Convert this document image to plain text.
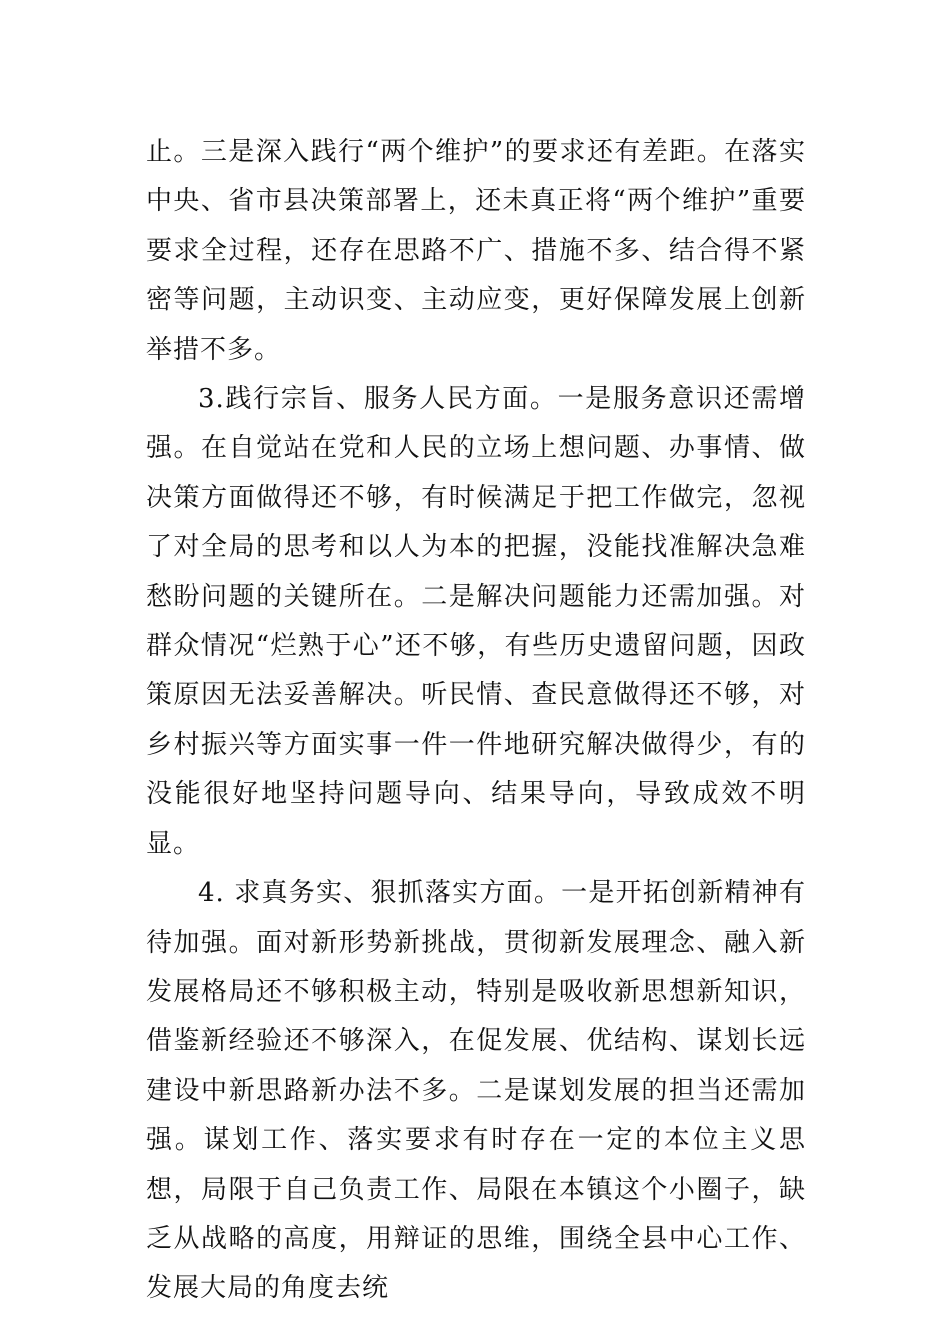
止。三是深入践行“两个维护”的要求还有差距。在落实中央、省市县决策部署上，还未真正将“两个维护”重要要求全过程，还存在思路不广、措施不多、结合得不紧密等问题，主动识变、主动应变，更好保障发展上创新举措不多。

3.践行宗旨、服务人民方面。一是服务意识还需增强。在自觉站在党和人民的立场上想问题、办事情、做决策方面做得还不够，有时候满足于把工作做完，忽视了对全局的思考和以人为本的把握，没能找准解决急难愁盼问题的关键所在。二是解决问题能力还需加强。对群众情况“烂熟于心”还不够，有些历史遗留问题，因政策原因无法妥善解决。听民情、查民意做得还不够，对乡村振兴等方面实事一件一件地研究解决做得少，有的没能很好地坚持问题导向、结果导向，导致成效不明显。

4. 求真务实、狠抓落实方面。一是开拓创新精神有待加强。面对新形势新挑战，贯彻新发展理念、融入新发展格局还不够积极主动，特别是吸收新思想新知识，借鉴新经验还不够深入，在促发展、优结构、谋划长远建设中新思路新办法不多。二是谋划发展的担当还需加强。谋划工作、落实要求有时存在一定的本位主义思想，局限于自己负责工作、局限在本镇这个小圈子，缺乏从战略的高度，用辩证的思维，围绕全县中心工作、发展大局的角度去统
